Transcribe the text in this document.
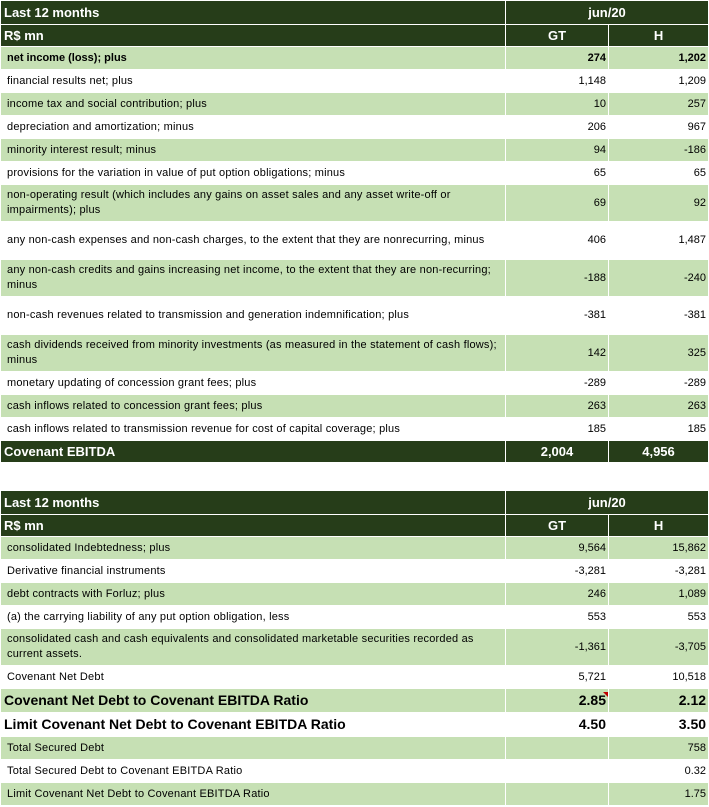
Last 12 months	jun/20	
R$ mn	GT	H
net income (loss); plus	274	1,202
financial results net; plus	1,148	1,209
income tax and social contribution; plus	10	257
depreciation and amortization; minus	206	967
minority interest result; minus	94	-186
provisions for the variation in value of put option obligations; minus	65	65
non-operating result (which includes any gains on asset sales and any asset write-off or impairments); plus	69	92
any non-cash expenses and non-cash charges, to the extent that they are nonrecurring, minus	406	1,487
any non-cash credits and gains increasing net income, to the extent that they are non-recurring; minus	-188	-240
non-cash revenues related to transmission and generation indemnification; plus	-381	-381
cash dividends received from minority investments (as measured in the statement of cash flows); minus	142	325
monetary updating of concession grant fees; plus	-289	-289
cash inflows related to concession grant fees; plus	263	263
cash inflows related to transmission revenue for cost of capital coverage; plus	185	185
Covenant EBITDA	2,004	4,956
Last 12 months	jun/20	
R$ mn	GT	H
consolidated Indebtedness; plus	9,564	15,862
Derivative financial instruments	-3,281	-3,281
debt contracts with Forluz; plus	246	1,089
(a) the carrying liability of any put option obligation, less	553	553
consolidated cash and cash equivalents and consolidated marketable securities recorded as current assets.	-1,361	-3,705
Covenant Net Debt	5,721	10,518
Covenant Net Debt to Covenant EBITDA Ratio	2.85	2.12
Limit Covenant Net Debt to Covenant EBITDA Ratio	4.50	3.50
Total Secured Debt		758
Total Secured Debt to Covenant EBITDA Ratio		0.32
Limit Covenant Net Debt to Covenant EBITDA Ratio		1.75
